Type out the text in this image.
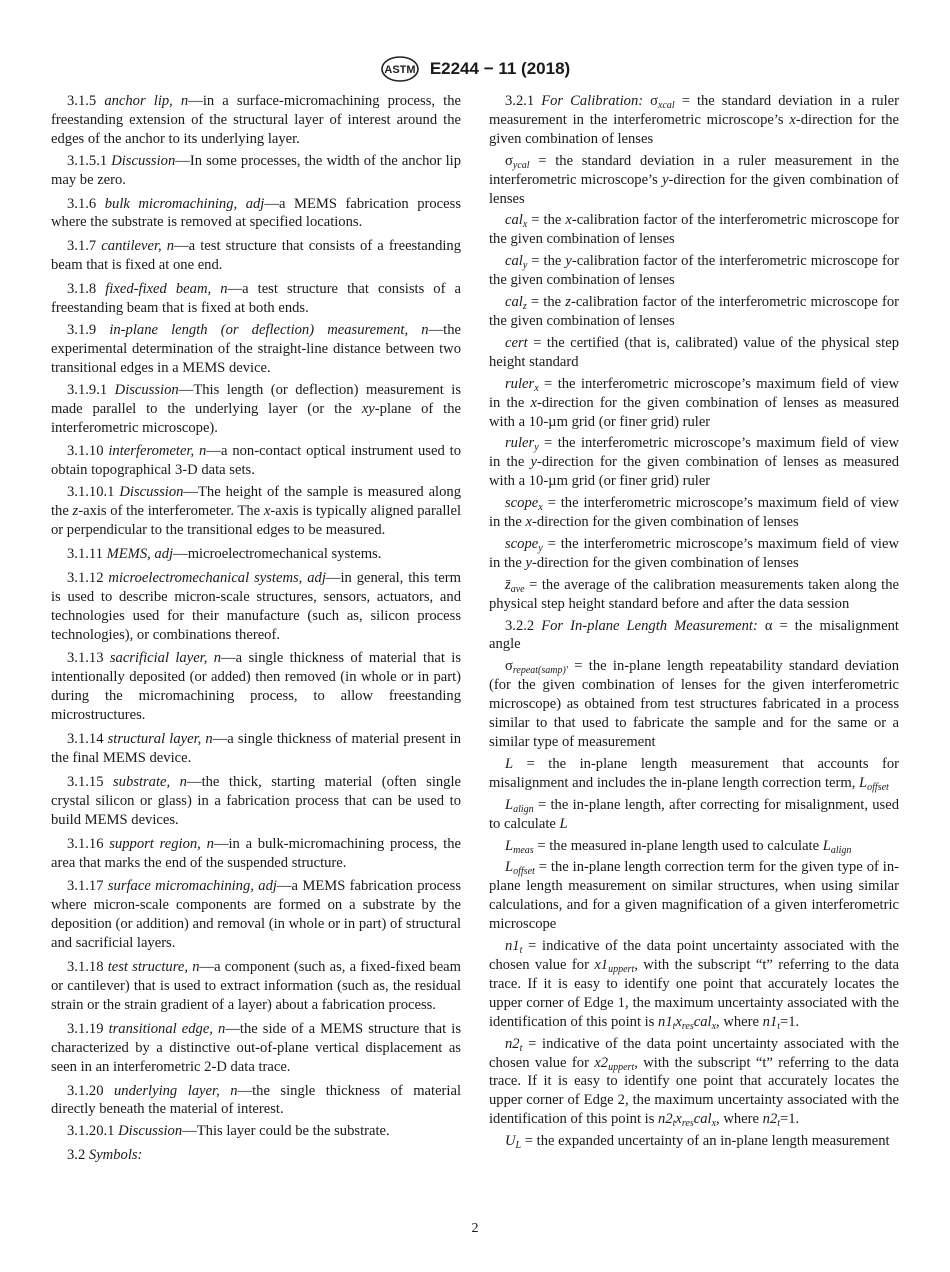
ASTM E2244 − 11 (2018)

3.1.5 anchor lip, n—in a surface-micromachining process, the freestanding extension of the structural layer of interest around the edges of the anchor to its underlying layer.

3.1.5.1 Discussion—In some processes, the width of the anchor lip may be zero.

3.1.6 bulk micromachining, adj—a MEMS fabrication process where the substrate is removed at specified locations.

3.1.7 cantilever, n—a test structure that consists of a freestanding beam that is fixed at one end.

3.1.8 fixed-fixed beam, n—a test structure that consists of a freestanding beam that is fixed at both ends.

3.1.9 in-plane length (or deflection) measurement, n—the experimental determination of the straight-line distance between two transitional edges in a MEMS device.

3.1.9.1 Discussion—This length (or deflection) measurement is made parallel to the underlying layer (or the xy-plane of the interferometric microscope).

3.1.10 interferometer, n—a non-contact optical instrument used to obtain topographical 3-D data sets.

3.1.10.1 Discussion—The height of the sample is measured along the z-axis of the interferometer. The x-axis is typically aligned parallel or perpendicular to the transitional edges to be measured.

3.1.11 MEMS, adj—microelectromechanical systems.

3.1.12 microelectromechanical systems, adj—in general, this term is used to describe micron-scale structures, sensors, actuators, and technologies used for their manufacture (such as, silicon process technologies), or combinations thereof.

3.1.13 sacrificial layer, n—a single thickness of material that is intentionally deposited (or added) then removed (in whole or in part) during the micromachining process, to allow freestanding microstructures.

3.1.14 structural layer, n—a single thickness of material present in the final MEMS device.

3.1.15 substrate, n—the thick, starting material (often single crystal silicon or glass) in a fabrication process that can be used to build MEMS devices.

3.1.16 support region, n—in a bulk-micromachining process, the area that marks the end of the suspended structure.

3.1.17 surface micromachining, adj—a MEMS fabrication process where micron-scale components are formed on a substrate by the deposition (or addition) and removal (in whole or in part) of structural and sacrificial layers.

3.1.18 test structure, n—a component (such as, a fixed-fixed beam or cantilever) that is used to extract information (such as, the residual strain or the strain gradient of a layer) about a fabrication process.

3.1.19 transitional edge, n—the side of a MEMS structure that is characterized by a distinctive out-of-plane vertical displacement as seen in an interferometric 2-D data trace.

3.1.20 underlying layer, n—the single thickness of material directly beneath the material of interest.

3.1.20.1 Discussion—This layer could be the substrate.

3.2 Symbols:

3.2.1 For Calibration: $\sigma_{xcal}$ = the standard deviation in a ruler measurement in the interferometric microscope’s x-direction for the given combination of lenses

$\sigma_{ycal}$ = the standard deviation in a ruler measurement in the interferometric microscope’s y-direction for the given combination of lenses

cal$_x$ = the x-calibration factor of the interferometric microscope for the given combination of lenses

cal$_y$ = the y-calibration factor of the interferometric microscope for the given combination of lenses

cal$_z$ = the z-calibration factor of the interferometric microscope for the given combination of lenses

cert = the certified (that is, calibrated) value of the physical step height standard

ruler$_x$ = the interferometric microscope’s maximum field of view in the x-direction for the given combination of lenses as measured with a 10-µm grid (or finer grid) ruler

ruler$_y$ = the interferometric microscope’s maximum field of view in the y-direction for the given combination of lenses as measured with a 10-µm grid (or finer grid) ruler

scope$_x$ = the interferometric microscope’s maximum field of view in the x-direction for the given combination of lenses

scope$_y$ = the interferometric microscope’s maximum field of view in the y-direction for the given combination of lenses

$z̄_{ave}$ = the average of the calibration measurements taken along the physical step height standard before and after the data session

3.2.2 For In-plane Length Measurement: α = the misalignment angle

$\sigma_{repeat(samp)'}$ = the in-plane length repeatability standard deviation (for the given combination of lenses for the given interferometric microscope) as obtained from test structures fabricated in a process similar to that used to fabricate the sample and for the same or a similar type of measurement

L = the in-plane length measurement that accounts for misalignment and includes the in-plane length correction term, $L_{offset}$

$L_{align}$ = the in-plane length, after correcting for misalignment, used to calculate L

$L_{meas}$ = the measured in-plane length used to calculate $L_{align}$

$L_{offset}$ = the in-plane length correction term for the given type of in-plane length measurement on similar structures, when using similar calculations, and for a given magnification of a given interferometric microscope

$n1_t$ = indicative of the data point uncertainty associated with the chosen value for $x1_{uppert}$, with the subscript “t” referring to the data trace. If it is easy to identify one point that accurately locates the upper corner of Edge 1, the maximum uncertainty associated with the identification of this point is $n1_tx_{res}cal_x$, where $n1_t=1$.

$n2_t$ = indicative of the data point uncertainty associated with the chosen value for $x2_{uppert}$, with the subscript “t” referring to the data trace. If it is easy to identify one point that accurately locates the upper corner of Edge 2, the maximum uncertainty associated with the identification of this point is $n2_tx_{res}cal_x$, where $n2_t=1$.

$U_L$ = the expanded uncertainty of an in-plane length measurement

2
